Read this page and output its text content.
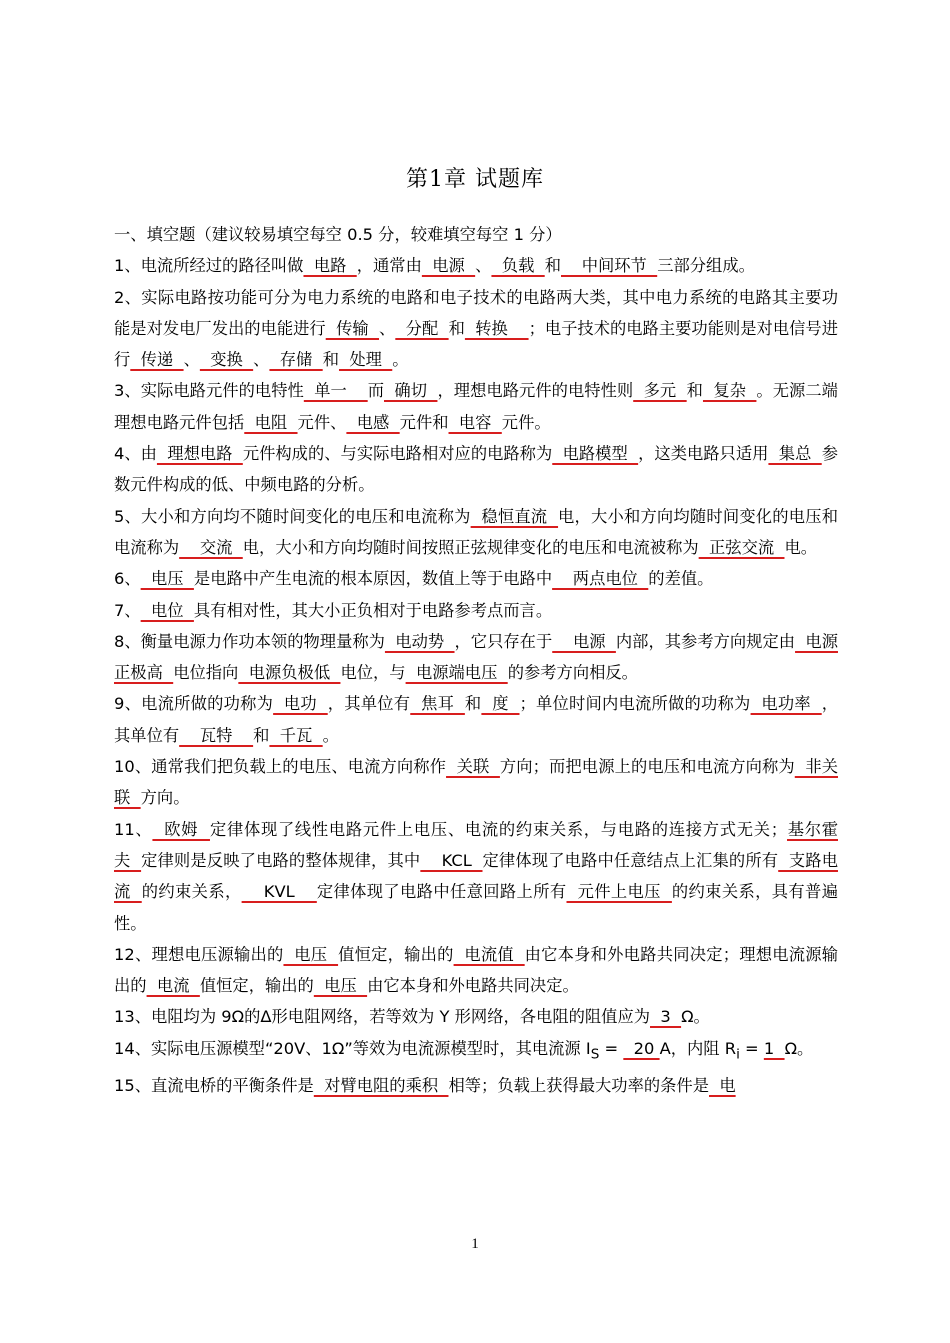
第1章 试题库

一、填空题（建议较易填空每空 0.5 分，较难填空每空 1 分）

1、电流所经过的路径叫做  电路  ，通常由  电源  、  负载  和    中间环节  三部分组成。

2、实际电路按功能可分为电力系统的电路和电子技术的电路两大类，其中电力系统的电路其主要功能是对发电厂发出的电能进行  传输  、  分配  和  转换    ；电子技术的电路主要功能则是对电信号进行  传递  、  变换  、  存储  和  处理  。

3、实际电路元件的电特性  单一    而  确切  ，理想电路元件的电特性则  多元  和  复杂  。无源二端理想电路元件包括  电阻  元件、  电感  元件和  电容  元件。

4、由  理想电路  元件构成的、与实际电路相对应的电路称为  电路模型  ，这类电路只适用  集总  参数元件构成的低、中频电路的分析。

5、大小和方向均不随时间变化的电压和电流称为  稳恒直流  电，大小和方向均随时间变化的电压和电流称为    交流  电，大小和方向均随时间按照正弦规律变化的电压和电流被称为  正弦交流  电。

6、  电压  是电路中产生电流的根本原因，数值上等于电路中    两点电位  的差值。

7、  电位  具有相对性，其大小正负相对于电路参考点而言。

8、衡量电源力作功本领的物理量称为  电动势  ，它只存在于    电源  内部，其参考方向规定由  电源正极高  电位指向  电源负极低  电位，与  电源端电压  的参考方向相反。

9、电流所做的功称为  电功  ，其单位有  焦耳  和  度  ；单位时间内电流所做的功称为  电功率  ，其单位有    瓦特    和  千瓦  。

10、通常我们把负载上的电压、电流方向称作  关联  方向；而把电源上的电压和电流方向称为  非关联  方向。

11、  欧姆  定律体现了线性电路元件上电压、电流的约束关系，与电路的连接方式无关；基尔霍夫  定律则是反映了电路的整体规律，其中    KCL  定律体现了电路中任意结点上汇集的所有  支路电流  的约束关系，    KVL    定律体现了电路中任意回路上所有  元件上电压  的约束关系，具有普遍性。

12、理想电压源输出的  电压  值恒定，输出的  电流值  由它本身和外电路共同决定；理想电流源输出的  电流  值恒定，输出的  电压  由它本身和外电路共同决定。

13、电阻均为 9Ω的Δ形电阻网络，若等效为 Y 形网络，各电阻的阻值应为  3  Ω。

14、实际电压源模型“20V、1Ω”等效为电流源模型时，其电流源 $I_S = 20$ A，内阻 $R_i = 1$  Ω。

15、直流电桥的平衡条件是  对臂电阻的乘积  相等；负载上获得最大功率的条件是  电

1
